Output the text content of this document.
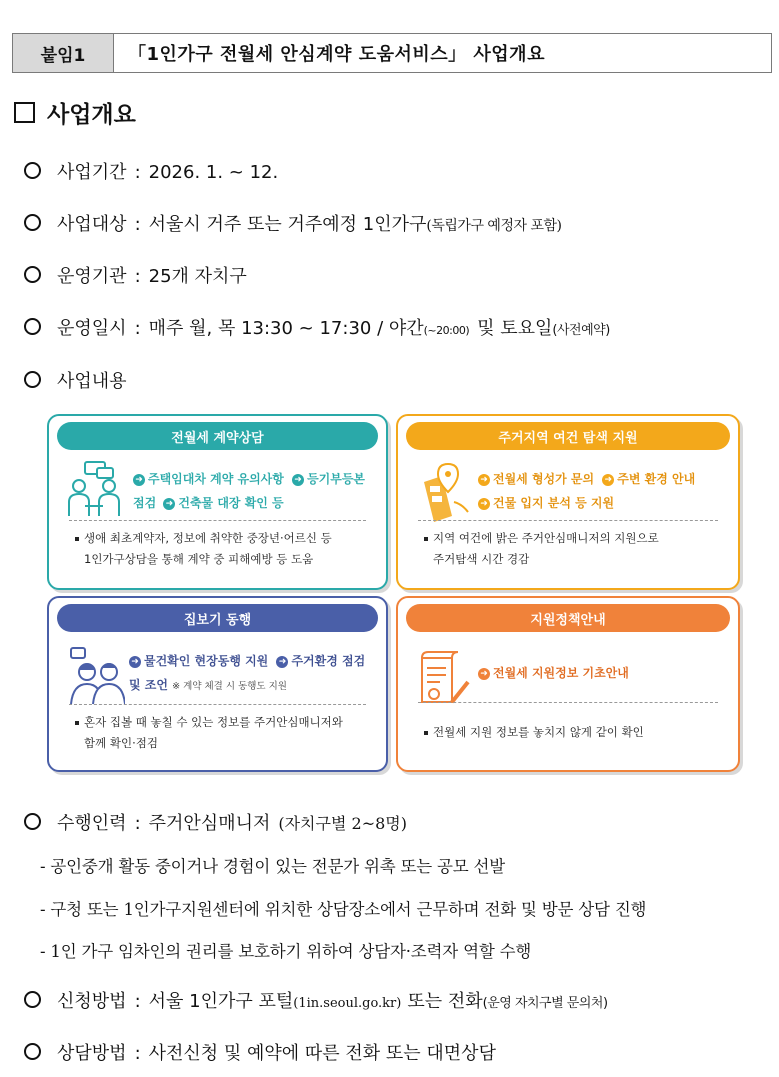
붙임1	「1인가구 전월세 안심계약 도움서비스」 사업개요
사업개요
사업기간 : 2026. 1. ~ 12.
사업대상 : 서울시 거주 또는 거주예정 1인가구 (독립가구 예정자 포함)
운영기관 : 25개 자치구
운영일시 : 매주 월, 목 13:30 ~ 17:30 / 야간 (~20:00) 및 토요일 (사전예약)
사업내용
전월세 계약상담
➜ 주택임대차 계약 유의사항 ➜ 등기부등본
점검 ➜ 건축물 대장 확인 등
생애 최초계약자, 정보에 취약한 중장년·어르신 등
1인가구상담을 통해 계약 중 피해예방 등 도움
주거지역 여건 탐색 지원
➜ 전월세 형성가 문의 ➜ 주변 환경 안내
➜ 건물 입지 분석 등 지원
지역 여건에 밝은 주거안심매니저의 지원으로
주거탐색 시간 경감
집보기 동행
➜ 물건확인 현장동행 지원 ➜ 주거환경 점검
및 조언 ※ 계약 체결 시 동행도 지원
혼자 집볼 때 놓칠 수 있는 정보를 주거안심매니저와
함께 확인·점검
지원정책안내
➜ 전월세 지원정보 기초안내
전월세 지원 정보를 놓치지 않게 같이 확인
수행인력 : 주거안심매니저 (자치구별 2~8명)
- 공인중개 활동 중이거나 경험이 있는 전문가 위촉 또는 공모 선발
- 구청 또는 1인가구지원센터에 위치한 상담장소에서 근무하며 전화 및 방문 상담 진행
- 1인 가구 임차인의 권리를 보호하기 위하여 상담자·조력자 역할 수행
신청방법 : 서울 1인가구 포털 (1in.seoul.go.kr) 또는 전화 (운영 자치구별 문의처)
상담방법 : 사전신청 및 예약에 따른 전화 또는 대면상담
